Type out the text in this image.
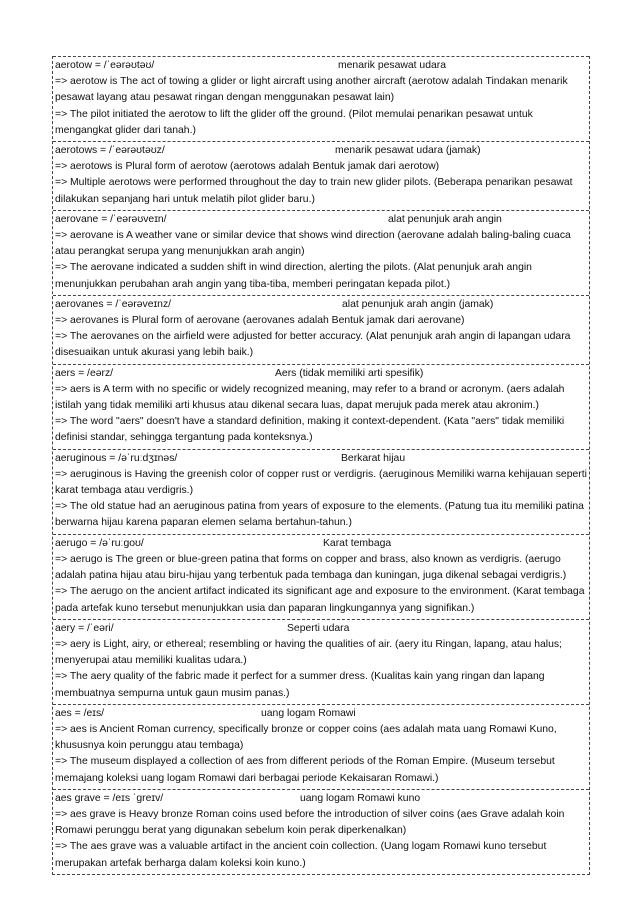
aerotow = /ˈeərəʊtəʊ/	menarik pesawat udara

=> aerotow is The act of towing a glider or light aircraft using another aircraft (aerotow adalah Tindakan menarik pesawat layang atau pesawat ringan dengan menggunakan pesawat lain)

=> The pilot initiated the aerotow to lift the glider off the ground. (Pilot memulai penarikan pesawat untuk mengangkat glider dari tanah.)

aerotows = /ˈeərəʊtəʊz/	menarik pesawat udara (jamak)

=> aerotows is Plural form of aerotow (aerotows adalah Bentuk jamak dari aerotow)

=> Multiple aerotows were performed throughout the day to train new glider pilots. (Beberapa penarikan pesawat dilakukan sepanjang hari untuk melatih pilot glider baru.)

aerovane = /ˈeərəʊveɪn/	alat penunjuk arah angin

=> aerovane is A weather vane or similar device that shows wind direction (aerovane adalah baling-baling cuaca atau perangkat serupa yang menunjukkan arah angin)

=> The aerovane indicated a sudden shift in wind direction, alerting the pilots. (Alat penunjuk arah angin menunjukkan perubahan arah angin yang tiba-tiba, memberi peringatan kepada pilot.)

aerovanes = /ˈeərəveɪnz/	alat penunjuk arah angin (jamak)

=> aerovanes is Plural form of aerovane (aerovanes adalah Bentuk jamak dari aerovane)

=> The aerovanes on the airfield were adjusted for better accuracy. (Alat penunjuk arah angin di lapangan udara disesuaikan untuk akurasi yang lebih baik.)

aers = /eərz/	Aers (tidak memiliki arti spesifik)

=> aers is A term with no specific or widely recognized meaning, may refer to a brand or acronym. (aers adalah istilah yang tidak memiliki arti khusus atau dikenal secara luas, dapat merujuk pada merek atau akronim.)

=> The word "aers" doesn't have a standard definition, making it context-dependent. (Kata "aers" tidak memiliki definisi standar, sehingga tergantung pada konteksnya.)

aeruginous = /əˈruːdʒɪnəs/	Berkarat hijau

=> aeruginous is Having the greenish color of copper rust or verdigris. (aeruginous Memiliki warna kehijauan seperti karat tembaga atau verdigris.)

=> The old statue had an aeruginous patina from years of exposure to the elements. (Patung tua itu memiliki patina berwarna hijau karena paparan elemen selama bertahun-tahun.)

aerugo = /əˈruːɡoʊ/	Karat tembaga

=> aerugo is The green or blue-green patina that forms on copper and brass, also known as verdigris. (aerugo adalah patina hijau atau biru-hijau yang terbentuk pada tembaga dan kuningan, juga dikenal sebagai verdigris.)

=> The aerugo on the ancient artifact indicated its significant age and exposure to the environment. (Karat tembaga pada artefak kuno tersebut menunjukkan usia dan paparan lingkungannya yang signifikan.)

aery = /ˈeəri/	Seperti udara

=> aery is Light, airy, or ethereal; resembling or having the qualities of air. (aery itu Ringan, lapang, atau halus; menyerupai atau memiliki kualitas udara.)

=> The aery quality of the fabric made it perfect for a summer dress. (Kualitas kain yang ringan dan lapang membuatnya sempurna untuk gaun musim panas.)

aes = /eɪs/	uang logam Romawi

=> aes is Ancient Roman currency, specifically bronze or copper coins (aes adalah mata uang Romawi Kuno, khususnya koin perunggu atau tembaga)

=> The museum displayed a collection of aes from different periods of the Roman Empire. (Museum tersebut memajang koleksi uang logam Romawi dari berbagai periode Kekaisaran Romawi.)

aes grave = /eɪs ˈɡreɪv/	uang logam Romawi kuno

=> aes grave is Heavy bronze Roman coins used before the introduction of silver coins (aes Grave adalah koin Romawi perunggu berat yang digunakan sebelum koin perak diperkenalkan)

=> The aes grave was a valuable artifact in the ancient coin collection. (Uang logam Romawi kuno tersebut merupakan artefak berharga dalam koleksi koin kuno.)
